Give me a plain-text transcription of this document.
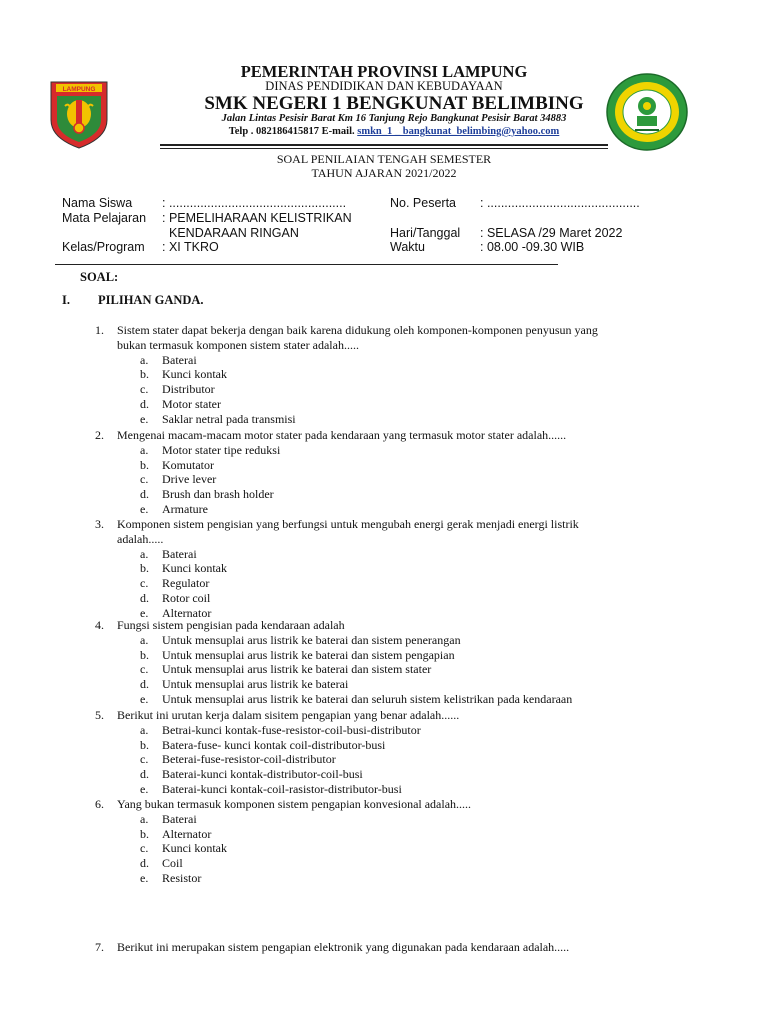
LAMPUNG
PEMERINTAH PROVINSI LAMPUNG
DINAS PENDIDIKAN DAN KEBUDAYAAN
SMK NEGERI 1 BENGKUNAT BELIMBING
Jalan Lintas Pesisir Barat Km 16 Tanjung Rejo Bangkunat Pesisir Barat 34883
Telp . 082186415817 E-mail. smkn_1 _ bangkunat_belimbing@yahoo.com
SOAL PENILAIAN TENGAH SEMESTER
TAHUN AJARAN 2021/2022
Nama Siswa : ...................................................
Mata Pelajaran : PEMELIHARAAN KELISTRIKAN
KENDARAAN RINGAN
Kelas/Program : XI TKRO
No. Peserta : ............................................
Hari/Tanggal : SELASA /29 Maret 2022
Waktu	: 08.00 -09.30 WIB
SOAL:
I. PILIHAN GANDA.
1. Sistem stater dapat bekerja dengan baik karena didukung oleh komponen-komponen penyusun yang
bukan termasuk komponen sistem stater adalah.....
a. Baterai
b. Kunci kontak
c. Distributor
d. Motor stater
e. Saklar netral pada transmisi
2. Mengenai macam-macam motor stater pada kendaraan yang termasuk motor stater adalah......
a. Motor stater tipe reduksi
b. Komutator
c. Drive lever
d. Brush dan brash holder
e. Armature
3. Komponen sistem pengisian yang berfungsi untuk mengubah energi gerak menjadi energi listrik
adalah.....
a. Baterai
b. Kunci kontak
c. Regulator
d. Rotor coil
e. Alternator
4. Fungsi sistem pengisian pada kendaraan adalah
a. Untuk mensuplai arus listrik ke baterai dan sistem penerangan
b. Untuk mensuplai arus listrik ke baterai dan sistem pengapian
c. Untuk mensuplai arus listrik ke baterai dan sistem stater
d. Untuk mensuplai arus listrik ke baterai
e. Untuk mensuplai arus listrik ke baterai dan seluruh sistem kelistrikan pada kendaraan
5. Berikut ini urutan kerja dalam sisitem pengapian yang benar adalah......
a. Betrai-kunci kontak-fuse-resistor-coil-busi-distributor
b. Batera-fuse- kunci kontak coil-distributor-busi
c. Beterai-fuse-resistor-coil-distributor
d. Baterai-kunci kontak-distributor-coil-busi
e. Baterai-kunci kontak-coil-rasistor-distributor-busi
6. Yang bukan termasuk komponen sistem pengapian konvesional adalah.....
a. Baterai
b. Alternator
c. Kunci kontak
d. Coil
e. Resistor
7. Berikut ini merupakan sistem pengapian elektronik yang digunakan pada kendaraan adalah.....
